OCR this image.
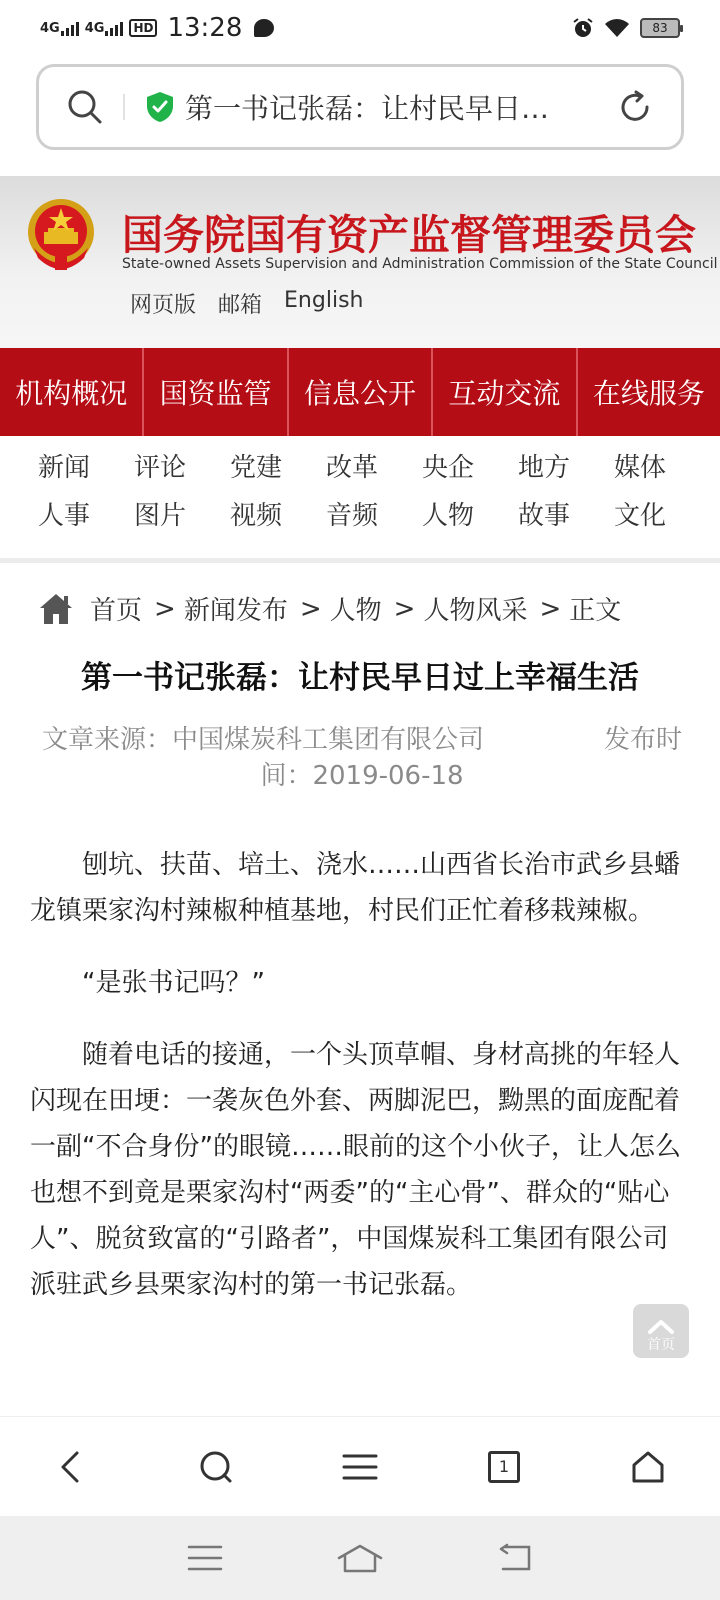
4G 4G	HD 13:28	83
第一书记张磊：让村民早日…
国务院国有资产监督管理委员会
State-owned Assets Supervision and Administration Commission of the State Council
网页版 邮箱 English
机构概况	国资监管	信息公开	互动交流	在线服务
新闻	评论	党建	改革	央企	地方	媒体
人事	图片	视频	音频	人物	故事	文化
首页 > 新闻发布 > 人物 > 人物风采 > 正文
第一书记张磊：让村民早日过上幸福生活
文章来源：中国煤炭科工集团有限公司	发布时
间：2019-06-18

刨坑、扶苗、培土、浇水……山西省长治市武乡县蟠龙镇栗家沟村辣椒种植基地，村民们正忙着移栽辣椒。

“是张书记吗？”

随着电话的接通，一个头顶草帽、身材高挑的年轻人闪现在田埂：一袭灰色外套、两脚泥巴，黝黑的面庞配着一副“不合身份”的眼镜……眼前的这个小伙子，让人怎么也想不到竟是栗家沟村“两委”的“主心骨”、群众的“贴心人”、脱贫致富的“引路者”，中国煤炭科工集团有限公司派驻武乡县栗家沟村的第一书记张磊。

首页
1
